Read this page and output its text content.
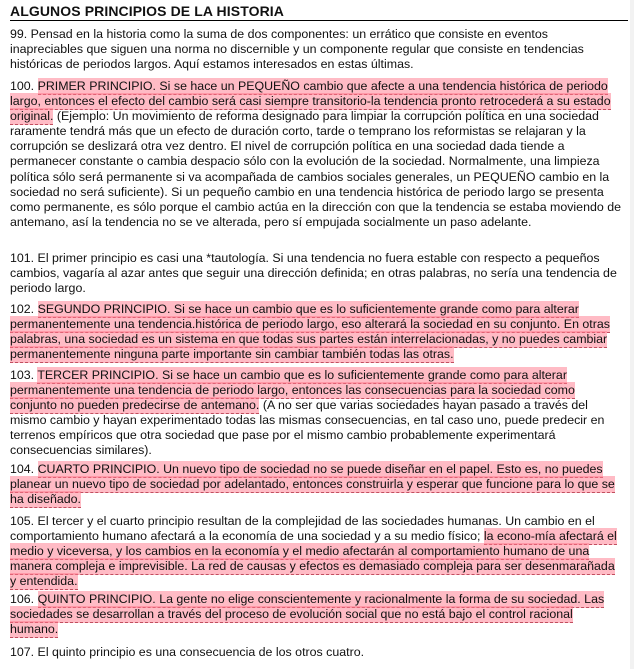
ALGUNOS PRINCIPIOS DE LA HISTORIA

99. Pensad en la historia como la suma de dos componentes: un errático que consiste en eventos inapreciables que siguen una norma no discernible y un componente regular que consiste en tendencias históricas de periodos largos. Aquí estamos interesados en estas últimas.

100. PRIMER PRINCIPIO. Si se hace un PEQUEÑO cambio que afecte a una tendencia histórica de periodo largo, entonces el efecto del cambio será casi siempre transitorio-la tendencia pronto retrocederá a su estado original. (Ejemplo: Un movimiento de reforma designado para limpiar la corrupción política en una sociedad raramente tendrá más que un efecto de duración corto, tarde o temprano los reformistas se relajaran y la corrupción se deslizará otra vez dentro. El nivel de corrupción política en una sociedad dada tiende a permanecer constante o cambia despacio sólo con la evolución de la sociedad. Normalmente, una limpieza política sólo será permanente si va acompañada de cambios sociales generales, un PEQUEÑO cambio en la sociedad no será suficiente). Si un pequeño cambio en una tendencia histórica de periodo largo se presenta como permanente, es sólo porque el cambio actúa en la dirección con que la tendencia se estaba moviendo de antemano, así la tendencia no se ve alterada, pero sí empujada socialmente un paso adelante.

101. El primer principio es casi una *tautología. Si una tendencia no fuera estable con respecto a pequeños cambios, vagaría al azar antes que seguir una dirección definida; en otras palabras, no sería una tendencia de periodo largo.

102. SEGUNDO PRINCIPIO. Si se hace un cambio que es lo suficientemente grande como para alterar permanentemente una tendencia.histórica de periodo largo, eso alterará la sociedad en su conjunto. En otras palabras, una sociedad es un sistema en que todas sus partes están interrelacionadas, y no puedes cambiar permanentemente ninguna parte importante sin cambiar también todas las otras.

103. TERCER PRINCIPIO. Si se hace un cambio que es lo suficientemente grande como para alterar permanentemente una tendencia de periodo largo, entonces las consecuencias para la sociedad como conjunto no pueden predecirse de antemano. (A no ser que varias sociedades hayan pasado a través del mismo cambio y hayan experimentado todas las mismas consecuencias, en tal caso uno, puede predecir en terrenos empíricos que otra sociedad que pase por el mismo cambio probablemente experimentará consecuencias similares).

104. CUARTO PRINCIPIO. Un nuevo tipo de sociedad no se puede diseñar en el papel. Esto es, no puedes planear un nuevo tipo de sociedad por adelantado, entonces construirla y esperar que funcione para lo que se ha diseñado.

105. El tercer y el cuarto principio resultan de la complejidad de las sociedades humanas. Un cambio en el comportamiento humano afectará a la economía de una sociedad y a su medio físico; la econo-mía afectará el medio y viceversa, y los cambios en la economía y el medio afectarán al comportamiento humano de una manera compleja e imprevisible. La red de causas y efectos es demasiado compleja para ser desenmarañada y entendida.

106. QUINTO PRINCIPIO. La gente no elige conscientemente y racionalmente la forma de su sociedad. Las sociedades se desarrollan a través del proceso de evolución social que no está bajo el control racional humano.

107. El quinto principio es una consecuencia de los otros cuatro.
